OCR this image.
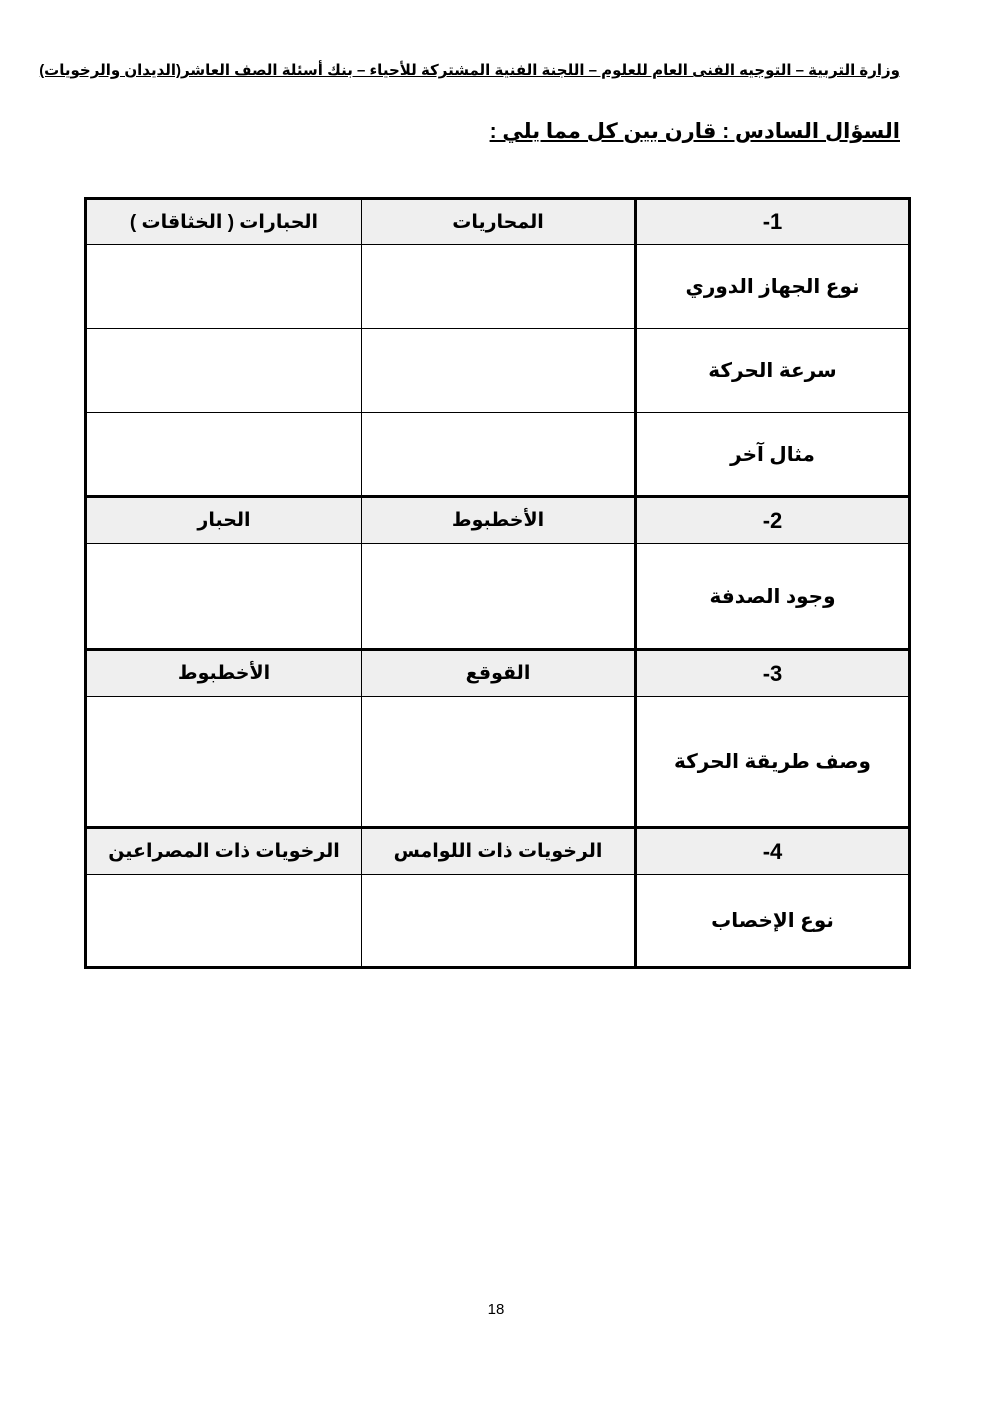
وزارة التربية – التوجيه الفنى العام للعلوم – اللجنة الفنية المشتركة للأحياء – بنك أسئلة الصف العاشر(الديدان والرخويات)
السؤال السادس : قارن بين كل مما يلي :
1-	المحاريات	الحبارات ( الخثاقات )
نوع الجهاز الدوري		
سرعة الحركة		
مثال آخر		
2-	الأخطبوط	الحبار
وجود الصدفة		
3-	القوقع	الأخطبوط
وصف طريقة الحركة		
4-	الرخويات ذات اللوامس	الرخويات ذات المصراعين
نوع الإخصاب		
18
